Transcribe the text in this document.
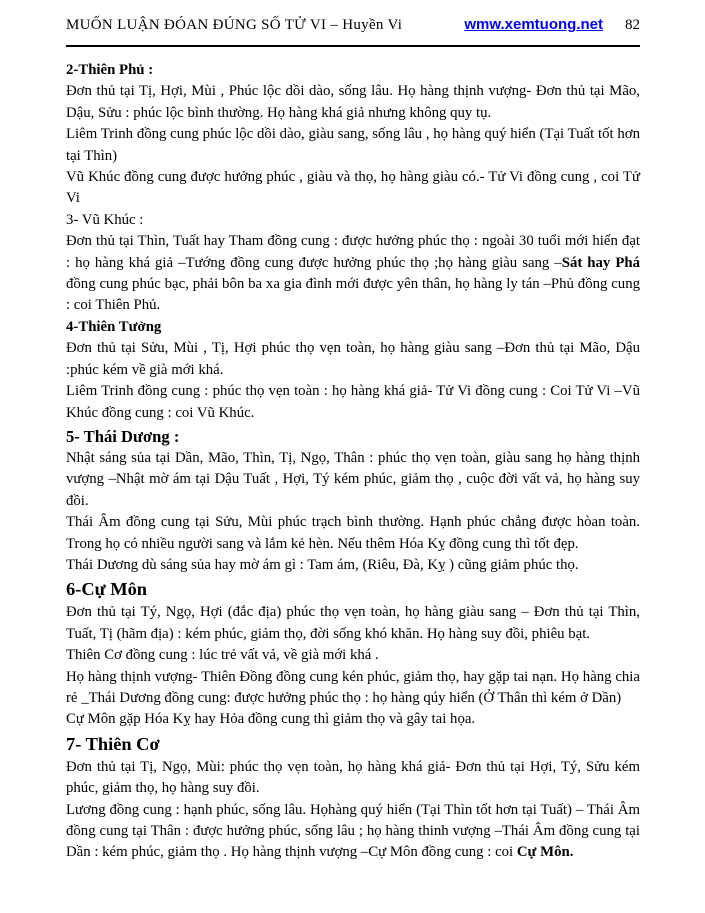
MUỐN LUẬN ĐÓAN ĐÚNG SỐ TỬ VI – Huyền Vi	wmw.xemtuong.net 82
2-Thiên Phủ :

Đơn thủ tại Tị, Hợi, Mùi , Phúc lộc dồi dào, sống lâu. Họ hàng thịnh vượng- Đơn thủ tại Mão, Dậu, Sửu : phúc lộc bình thường. Họ hàng khá giả nhưng không quy tụ.

Liêm Trinh đồng cung phúc lộc dồi dào, giàu sang, sống lâu , họ hàng quý hiển (Tại Tuất tốt hơn tại Thìn)

Vũ Khúc đồng cung được hưởng phúc , giàu và thọ, họ hàng giàu có.- Tử Vi đồng cung , coi Tử Vi

3- Vũ Khúc :

Đơn thủ tại Thìn, Tuất hay Tham đồng cung : được hưởng phúc thọ : ngoài 30 tuổi mới hiển đạt : họ hàng khá giả –Tướng đồng cung được hưởng phúc thọ ;họ hàng giàu sang –Sát hay Phá đồng cung phúc bạc, phải bôn ba xa gia đình mới được yên thân, họ hàng ly tán –Phủ đồng cung : coi Thiên Phủ.

4-Thiên Tưởng

Đơn thủ tại Sửu, Mùi , Tị, Hợi phúc thọ vẹn toàn, họ hàng giàu sang –Đơn thủ tại Mão, Dậu :phúc kém về già mới khá.

Liêm Trinh đồng cung : phúc thọ vẹn toàn : họ hàng khá giả- Tử Vi đồng cung : Coi Tử Vi –Vũ Khúc đồng cung : coi Vũ Khúc.

5- Thái Dương :

Nhật sáng sủa tại Dần, Mão, Thìn, Tị, Ngọ, Thân : phúc thọ vẹn toàn, giàu sang họ hàng thịnh vượng –Nhật mờ ám tại Dậu Tuất , Hợi, Tý kém phúc, giảm thọ , cuộc đời vất vả, họ hàng suy đồi.

Thái Âm đồng cung tại Sửu, Mùi phúc trạch bình thường. Hạnh phúc chẳng được hòan toàn. Trong họ có nhiều người sang và lắm kẻ hèn. Nếu thêm Hóa Kỵ đồng cung thì tốt đẹp.

Thái Dương dù sáng sủa hay mờ ám gì : Tam ám, (Riêu, Đà, Kỵ ) cũng giảm phúc thọ.

6-Cự Môn

Đơn thủ tại Tý, Ngọ, Hợi (đắc địa) phúc thọ vẹn toàn, họ hàng giàu sang – Đơn thủ tại Thìn, Tuất, Tị (hãm địa) : kém phúc, giảm thọ, đời sống khó khăn. Họ hàng suy đồi, phiêu bạt.

Thiên Cơ đồng cung : lúc trẻ vất vả, về già mới khá .

Họ hàng thịnh vượng- Thiên Đồng đồng cung kén phúc, giảm thọ, hay gặp tai nạn. Họ hàng chia rẻ _Thái Dương đồng cung: được hưởng phúc thọ : họ hàng qúy hiển (Ở Thân thì kém ở Dần)

Cự Môn gặp Hóa Kỵ hay Hỏa đồng cung thì giảm thọ và gây tai họa.

7- Thiên Cơ

Đơn thủ tại Tị, Ngọ, Mùi: phúc thọ vẹn toàn, họ hàng khá giả- Đơn thủ tại Hợi, Tý, Sửu kém phúc, giảm thọ, họ hàng suy đồi.

Lương đồng cung : hạnh phúc, sống lâu. Họhàng quý hiển (Tại Thìn tốt hơn tại Tuất) – Thái Âm đồng cung tại Thân : được hưởng phúc, sống lâu ; họ hàng thinh vượng –Thái Âm đồng cung tại Dần : kém phúc, giảm thọ . Họ hàng thịnh vượng –Cự Môn đồng cung : coi Cự Môn.
